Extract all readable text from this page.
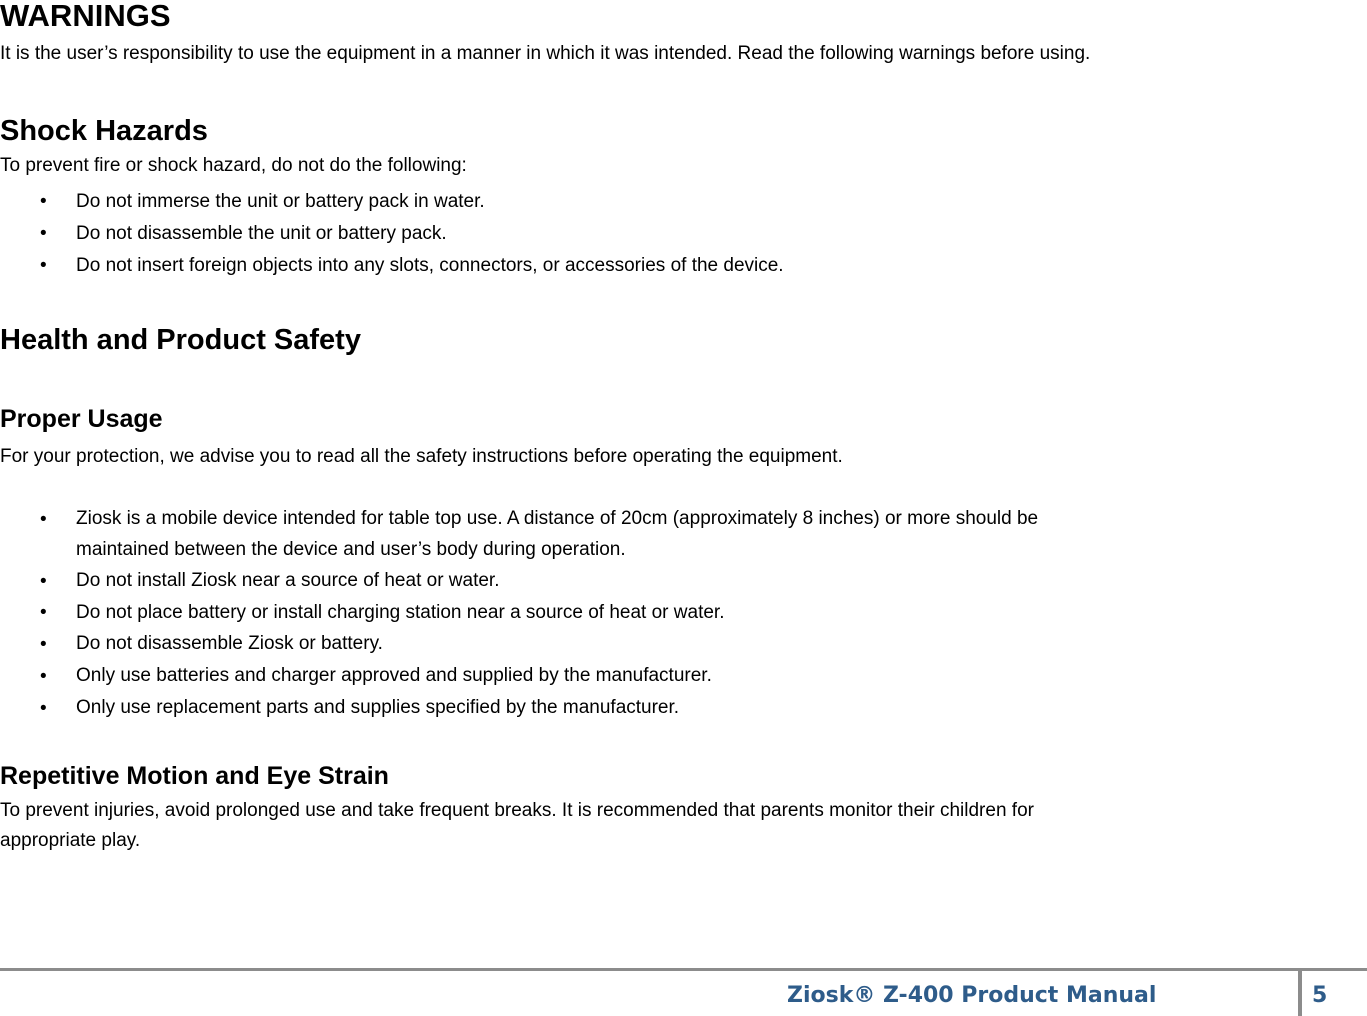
WARNINGS

It is the user’s responsibility to use the equipment in a manner in which it was intended. Read the following warnings before using.

Shock Hazards

To prevent fire or shock hazard, do not do the following:

• Do not immerse the unit or battery pack in water.
• Do not disassemble the unit or battery pack.
• Do not insert foreign objects into any slots, connectors, or accessories of the device.
Health and Product Safety
Proper Usage

For your protection, we advise you to read all the safety instructions before operating the equipment.

• Ziosk is a mobile device intended for table top use. A distance of 20cm (approximately 8 inches) or more should be
maintained between the device and user’s body during operation.
• Do not install Ziosk near a source of heat or water.
• Do not place battery or install charging station near a source of heat or water.
• Do not disassemble Ziosk or battery.
• Only use batteries and charger approved and supplied by the manufacturer.
• Only use replacement parts and supplies specified by the manufacturer.
Repetitive Motion and Eye Strain

To prevent injuries, avoid prolonged use and take frequent breaks. It is recommended that parents monitor their children for

appropriate play.

Ziosk® Z-400 Product Manual	5
